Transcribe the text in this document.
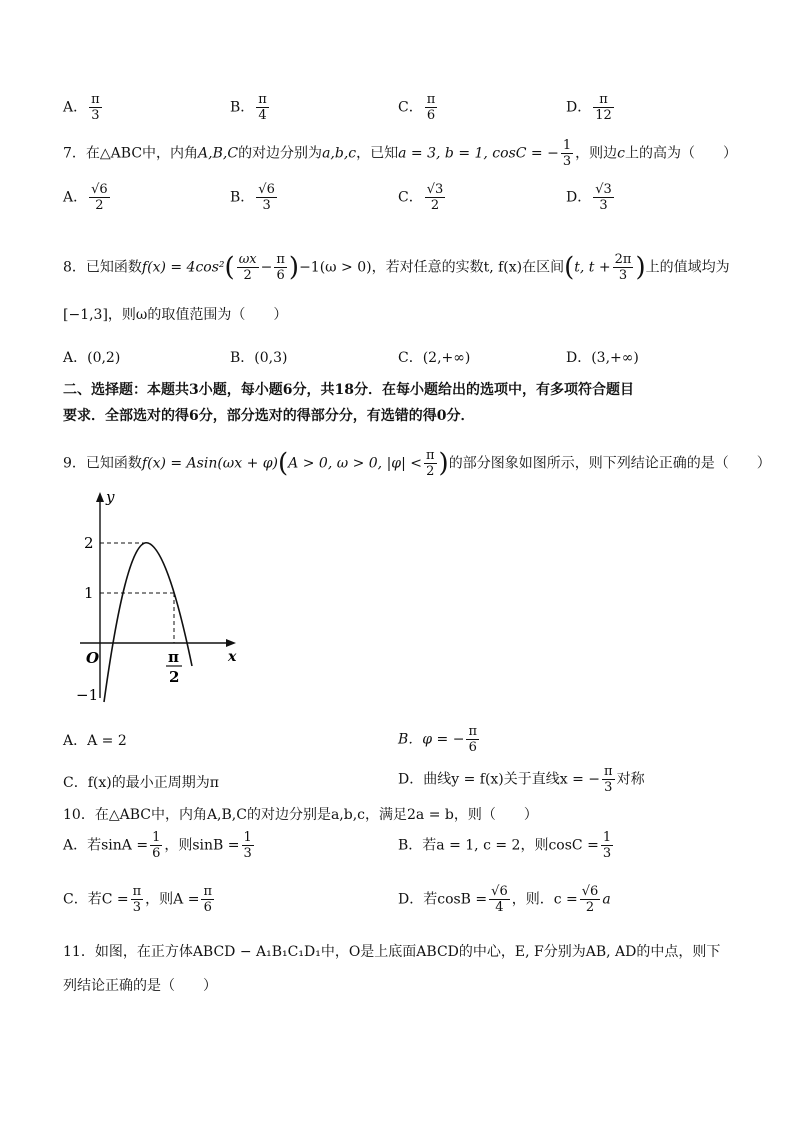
A． $\frac{\pi}{3}$	B． $\frac{\pi}{4}$	C． $\frac{\pi}{6}$	D． $\frac{\pi}{12}$
7．在△ABC中，内角A,B,C的对边分别为a,b,c，已知a = 3, b = 1, cosC = − $\frac{1}{3}$ ，则边c上的高为（　　）
A． $\frac{√6}{2}$	B． $\frac{√6}{3}$	C． $\frac{√3}{2}$	D． $\frac{√3}{3}$
8．已知函数$f(x) = 4\cos^2( \frac{\omega x}{2} - \frac{\pi}{6} )-1(\omega > 0)$，若对任意的实数t, f(x)在区间(t, $t + \frac{2\pi}{3}$ )上的值域均为
[−1,3]，则ω的取值范围为（　　）
A．(0,2)	B．(0,3)	C．(2,+∞)	D．(3,+∞)
二、选择题：本题共3小题，每小题6分，共18分．在每小题给出的选项中，有多项符合题目
要求．全部选对的得6分，部分选对的得部分分，有选错的得0分．
9．已知函数f(x) = Asin(ωx + φ)(A > 0, ω > 0, $|\varphi| < \frac{\pi}{2}$ )的部分图象如图所示，则下列结论正确的是（　　）
y
x
O
2
1
−1
π
2
A．A = 2	B．φ = − $\frac{\pi}{6}$
C．f(x)的最小正周期为π	D．曲线y = f(x)关于直线x = − $\frac{\pi}{3}$ 对称
10．在△ABC中，内角A,B,C的对边分别是a,b,c，满足2a = b，则（　　）
A．若$\sin A = \frac{1}{6}$ ，则$\sin B = \frac{1}{3}$	B．若a = 1, c = 2，则$\cos C = \frac{1}{3}$
C．若$C = \frac{\pi}{3}$ ，则$A = \frac{\pi}{6}$	D．若$\cos B = \frac{√6}{4}$ ，则．$c = \frac{√6}{2}$ a
11．如图，在正方体ABCD − A₁B₁C₁D₁中，O是上底面ABCD的中心，E, F分别为AB, AD的中点，则下
列结论正确的是（　　）
